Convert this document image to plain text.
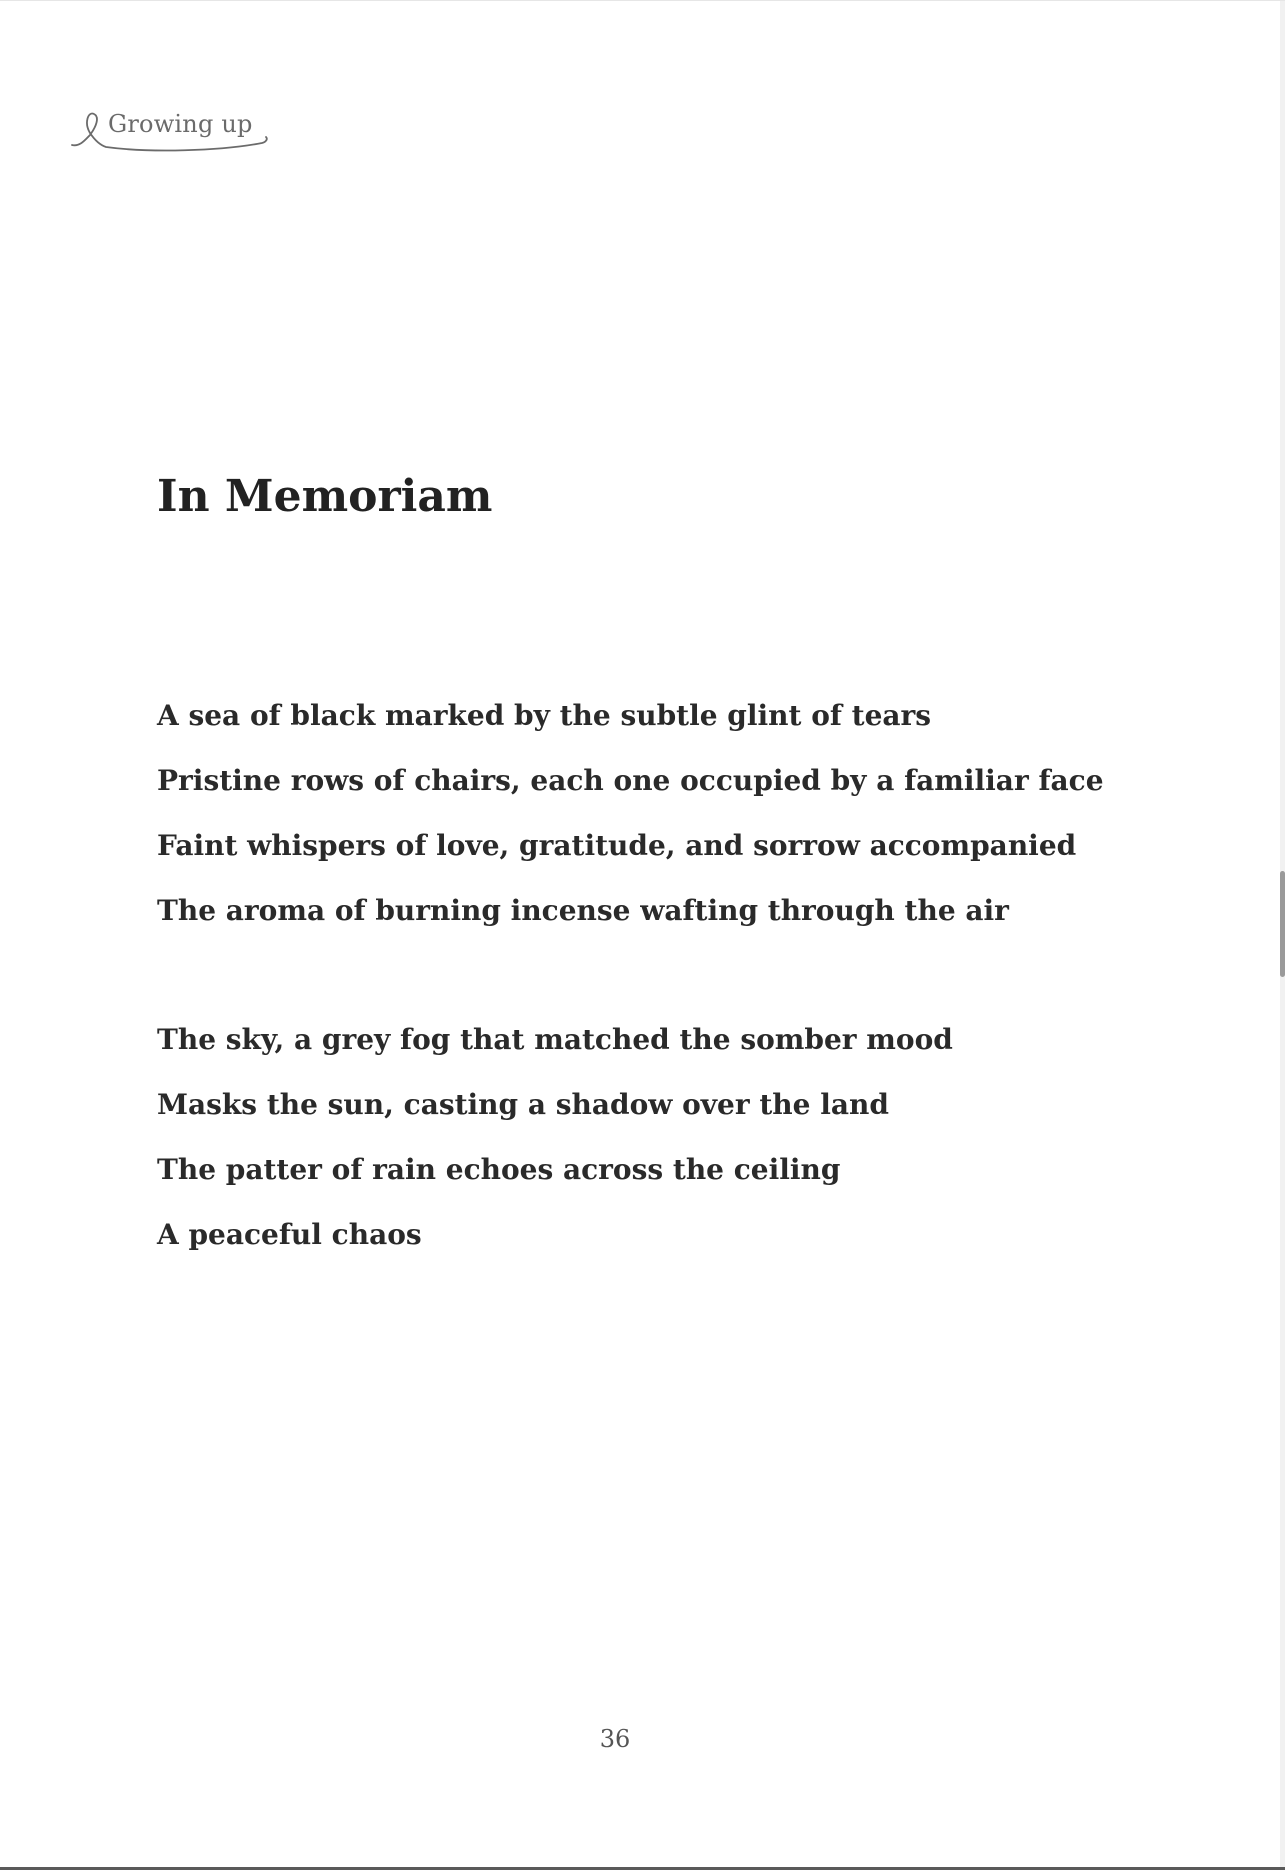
Growing up
In Memoriam
A sea of black marked by the subtle glint of tears
Pristine rows of chairs, each one occupied by a familiar face
Faint whispers of love, gratitude, and sorrow accompanied
The aroma of burning incense wafting through the air
The sky, a grey fog that matched the somber mood
Masks the sun, casting a shadow over the land
The patter of rain echoes across the ceiling
A peaceful chaos
36
